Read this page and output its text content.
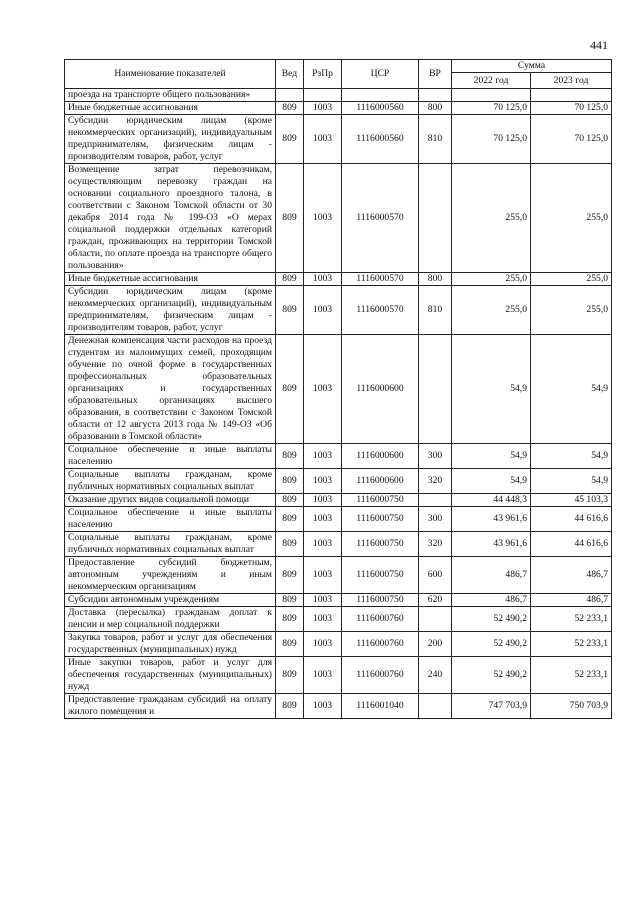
441
Наименование показателей	Вед	РзПр	ЦСР	ВР	Сумма	
					2022 год	2023 год
проезда на транспорте общего пользования»						
Иные бюджетные ассигнования	809	1003	1116000560	800	70 125,0	70 125,0
Субсидии юридическим лицам (кроме некоммерческих организаций), индивидуальным предпринимателям, физическим лицам - производителям товаров, работ, услуг	809	1003	1116000560	810	70 125,0	70 125,0
Возмещение затрат перевозчикам, осуществляющим перевозку граждан на основании социального проездного талона, в соответствии с Законом Томской области от 30 декабря 2014 года № 199-ОЗ «О мерах социальной поддержки отдельных категорий граждан, проживающих на территории Томской области, по оплате проезда на транспорте общего пользования»	809	1003	1116000570		255,0	255,0
Иные бюджетные ассигнования	809	1003	1116000570	800	255,0	255,0
Субсидии юридическим лицам (кроме некоммерческих организаций), индивидуальным предпринимателям, физическим лицам - производителям товаров, работ, услуг	809	1003	1116000570	810	255,0	255,0
Денежная компенсация части расходов на проезд студентам из малоимущих семей, проходящим обучение по очной форме в государственных профессиональных образовательных организациях и государственных образовательных организациях высшего образования, в соответствии с Законом Томской области от 12 августа 2013 года № 149-ОЗ «Об образовании в Томской области»	809	1003	1116000600		54,9	54,9
Социальное обеспечение и иные выплаты населению	809	1003	1116000600	300	54,9	54,9
Социальные выплаты гражданам, кроме публичных нормативных социальных выплат	809	1003	1116000600	320	54,9	54,9
Оказание других видов социальной помощи	809	1003	1116000750		44 448,3	45 103,3
Социальное обеспечение и иные выплаты населению	809	1003	1116000750	300	43 961,6	44 616,6
Социальные выплаты гражданам, кроме публичных нормативных социальных выплат	809	1003	1116000750	320	43 961,6	44 616,6
Предоставление субсидий бюджетным, автономным учреждениям и иным некоммерческим организациям	809	1003	1116000750	600	486,7	486,7
Субсидии автономным учреждениям	809	1003	1116000750	620	486,7	486,7
Доставка (пересылка) гражданам доплат к пенсии и мер социальной поддержки	809	1003	1116000760		52 490,2	52 233,1
Закупка товаров, работ и услуг для обеспечения государственных (муниципальных) нужд	809	1003	1116000760	200	52 490,2	52 233,1
Иные закупки товаров, работ и услуг для обеспечения государственных (муниципальных) нужд	809	1003	1116000760	240	52 490,2	52 233,1
Предоставление гражданам субсидий на оплату жилого помещения и	809	1003	1116001040		747 703,9	750 703,9
